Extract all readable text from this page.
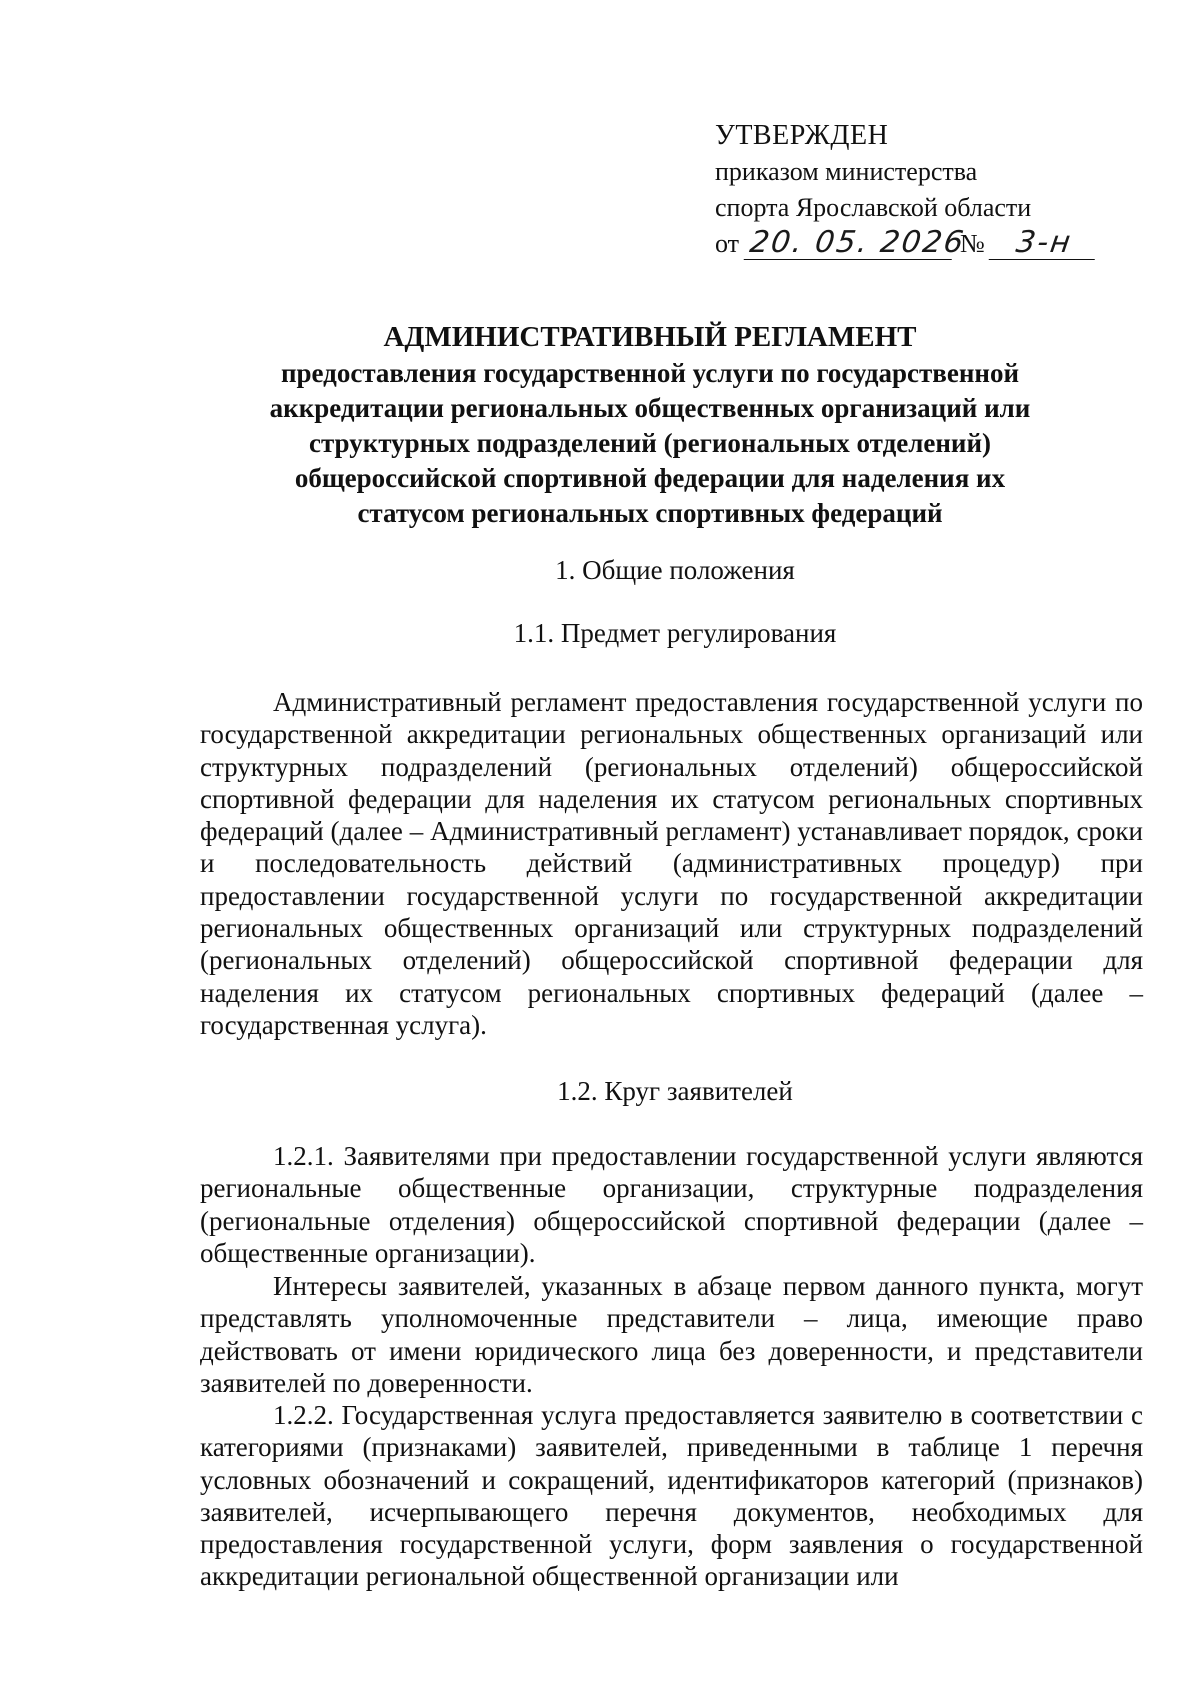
УТВЕРЖДЕН
приказом министерства
спорта Ярославской области
от 20. 05. 2026 № 3-н
АДМИНИСТРАТИВНЫЙ РЕГЛАМЕНТ
предоставления государственной услуги по государственной
аккредитации региональных общественных организаций или
структурных подразделений (региональных отделений)
общероссийской спортивной федерации для наделения их
статусом региональных спортивных федераций
1. Общие положения
1.1. Предмет регулирования
Административный регламент предоставления государственной услуги по государственной аккредитации региональных общественных организаций или структурных подразделений (региональных отделений) общероссийской спортивной федерации для наделения их статусом региональных спортивных федераций (далее – Административный регламент) устанавливает порядок, сроки и последовательность действий (административных процедур) при предоставлении государственной услуги по государственной аккредитации региональных общественных организаций или структурных подразделений (региональных отделений) общероссийской спортивной федерации для наделения их статусом региональных спортивных федераций (далее – государственная услуга).
1.2. Круг заявителей
1.2.1. Заявителями при предоставлении государственной услуги являются региональные общественные организации, структурные подразделения (региональные отделения) общероссийской спортивной федерации (далее – общественные организации).
Интересы заявителей, указанных в абзаце первом данного пункта, могут представлять уполномоченные представители – лица, имеющие право действовать от имени юридического лица без доверенности, и представители заявителей по доверенности.
1.2.2. Государственная услуга предоставляется заявителю в соответствии с категориями (признаками) заявителей, приведенными в таблице 1 перечня условных обозначений и сокращений, идентификаторов категорий (признаков) заявителей, исчерпывающего перечня документов, необходимых для предоставления государственной услуги, форм заявления о государственной аккредитации региональной общественной организации или
